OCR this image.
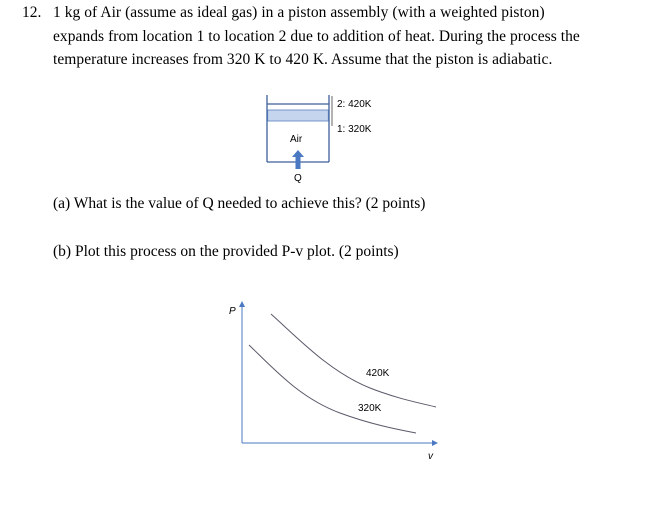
12. 1 kg of Air (assume as ideal gas) in a piston assembly (with a weighted piston)
expands from location 1 to location 2 due to addition of heat. During the process the
temperature increases from 320 K to 420 K. Assume that the piston is adiabatic.
2: 420K
1: 320K
Air
Q
(a) What is the value of Q needed to achieve this? (2 points)
(b) Plot this process on the provided P-v plot. (2 points)
P
v
420K
320K
